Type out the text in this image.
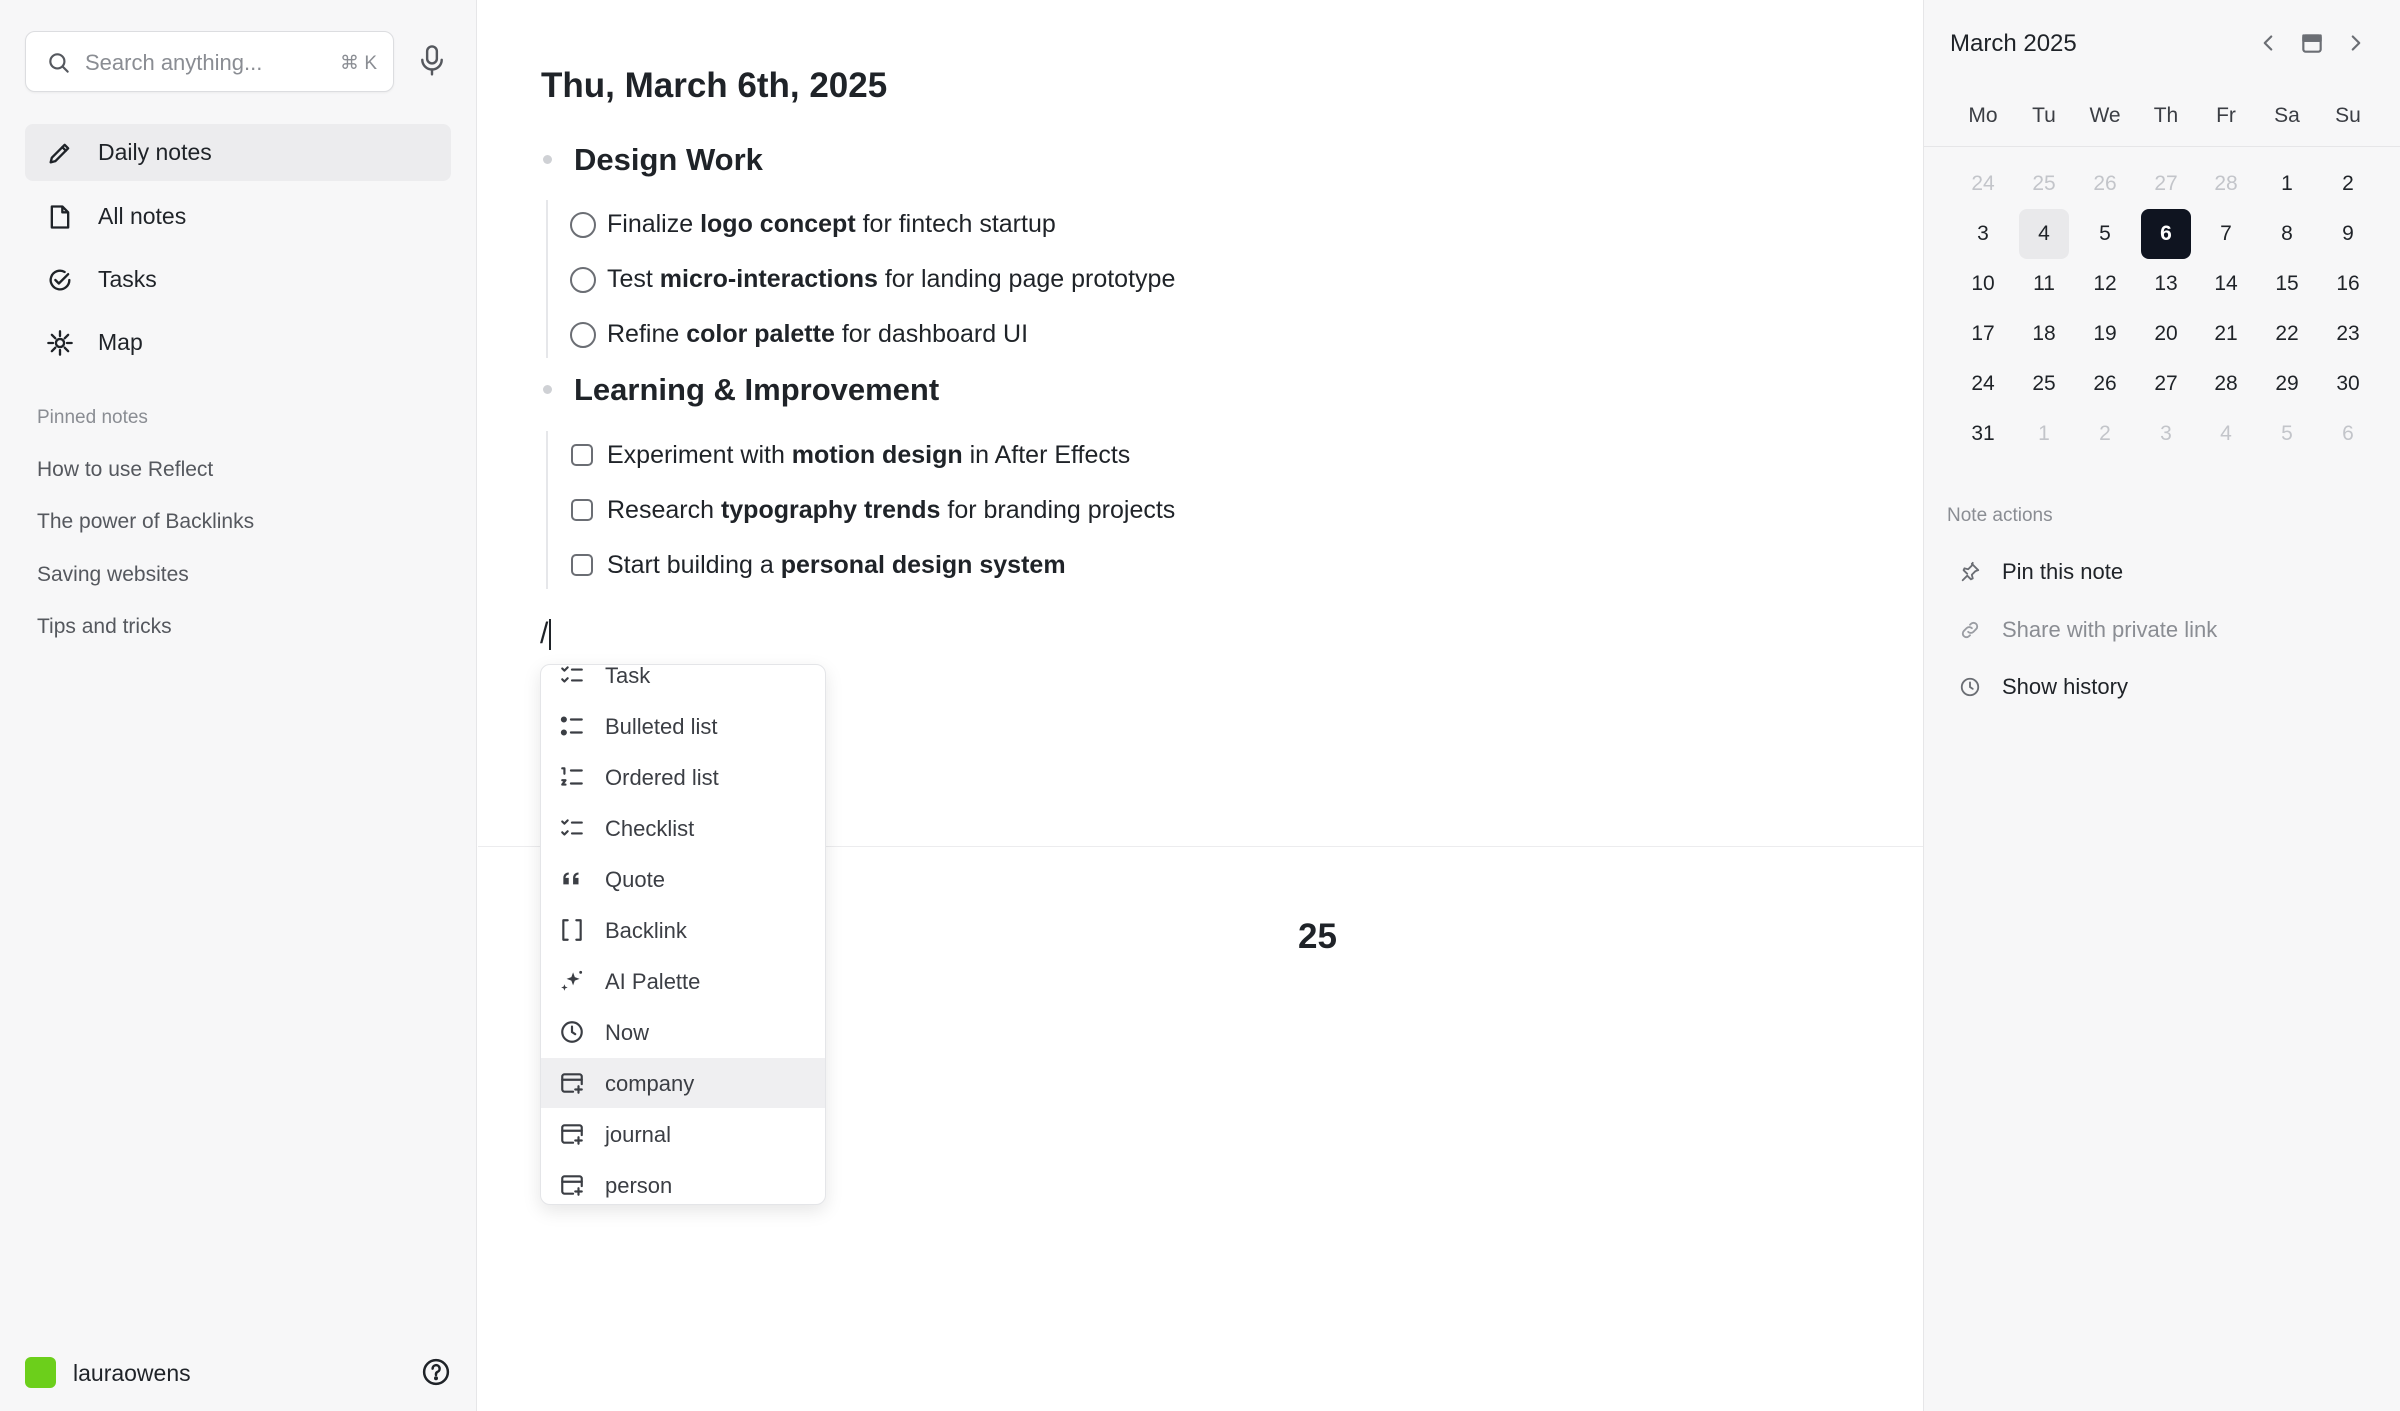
Search anything...	⌘ K
Daily notes
All notes
Tasks
Map
Pinned notes
How to use Reflect
The power of Backlinks
Saving websites
Tips and tricks
lauraowens
Thu, March 6th, 2025
Design Work
Finalize logo concept for fintech startup
Test micro-interactions for landing page prototype
Refine color palette for dashboard UI
Learning & Improvement
Experiment with motion design in After Effects
Research typography trends for branding projects
Start building a personal design system
/
25
Task
Bulleted list
Ordered list
Checklist
Quote
Backlink
AI Palette
Now
company
journal
person
March 2025
Mo	Tu	We	Th	Fr	Sa	Su
24	25	26	27	28	1	2
3	4	5	6	7	8	9
10	11	12	13	14	15	16
17	18	19	20	21	22	23
24	25	26	27	28	29	30
31	1	2	3	4	5	6
Note actions
Pin this note
Share with private link
Show history
